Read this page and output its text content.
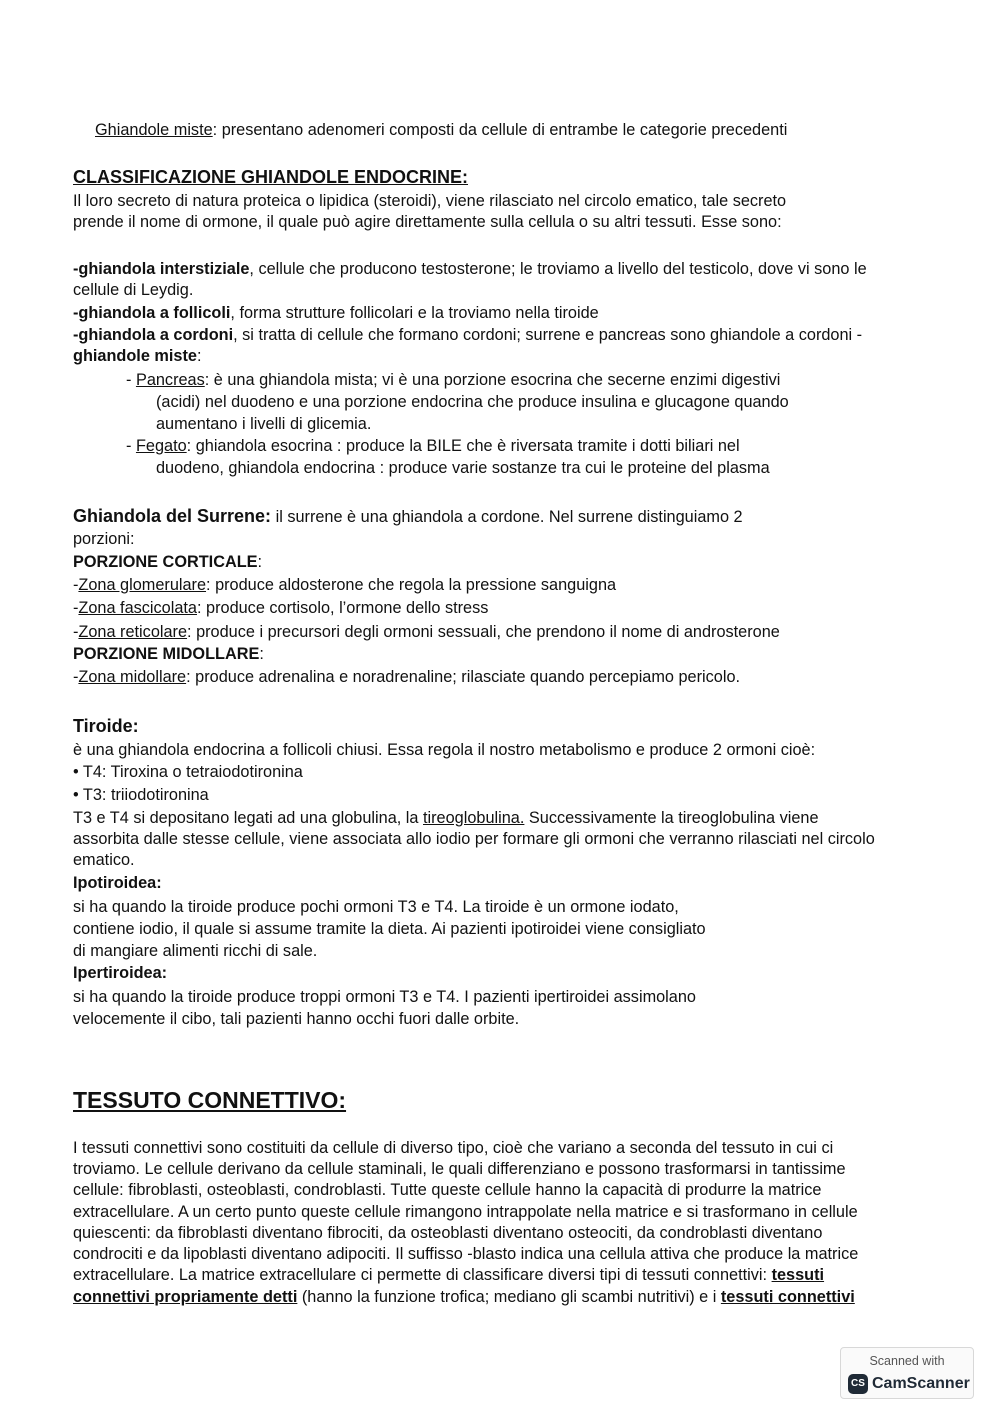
Ghiandole miste: presentano adenomeri composti da cellule di entrambe le categorie precedenti
CLASSIFICAZIONE GHIANDOLE ENDOCRINE:
Il loro secreto di natura proteica o lipidica (steroidi), viene rilasciato nel circolo ematico, tale secreto
prende il nome di ormone, il quale può agire direttamente sulla cellula o su altri tessuti. Esse sono:
-ghiandola interstiziale, cellule che producono testosterone; le troviamo a livello del testicolo, dove vi sono le
cellule di Leydig.
-ghiandola a follicoli, forma strutture follicolari e la troviamo nella tiroide
-ghiandola a cordoni, si tratta di cellule che formano cordoni; surrene e pancreas sono ghiandole a cordoni -
ghiandole miste:
- Pancreas: è una ghiandola mista; vi è una porzione esocrina che secerne enzimi digestivi
(acidi) nel duodeno e una porzione endocrina che produce insulina e glucagone quando
aumentano i livelli di glicemia.
- Fegato: ghiandola esocrina : produce la BILE che è riversata tramite i dotti biliari nel
duodeno, ghiandola endocrina : produce varie sostanze tra cui le proteine del plasma
Ghiandola del Surrene: il surrene è una ghiandola a cordone. Nel surrene distinguiamo 2
porzioni:
PORZIONE CORTICALE:
-Zona glomerulare: produce aldosterone che regola la pressione sanguigna
-Zona fascicolata: produce cortisolo, l’ormone dello stress
-Zona reticolare: produce i precursori degli ormoni sessuali, che prendono il nome di androsterone
PORZIONE MIDOLLARE:
-Zona midollare: produce adrenalina e noradrenaline; rilasciate quando percepiamo pericolo.
Tiroide:
è una ghiandola endocrina a follicoli chiusi. Essa regola il nostro metabolismo e produce 2 ormoni cioè:
• T4: Tiroxina o tetraiodotironina
• T3: triiodotironina
T3 e T4 si depositano legati ad una globulina, la tireoglobulina. Successivamente la tireoglobulina viene
assorbita dalle stesse cellule, viene associata allo iodio per formare gli ormoni che verranno rilasciati nel circolo
ematico.
Ipotiroidea:
si ha quando la tiroide produce pochi ormoni T3 e T4. La tiroide è un ormone iodato,
contiene iodio, il quale si assume tramite la dieta. Ai pazienti ipotiroidei viene consigliato
di mangiare alimenti ricchi di sale.
Ipertiroidea:
si ha quando la tiroide produce troppi ormoni T3 e T4. I pazienti ipertiroidei assimolano
velocemente il cibo, tali pazienti hanno occhi fuori dalle orbite.
TESSUTO CONNETTIVO:
I tessuti connettivi sono costituiti da cellule di diverso tipo, cioè che variano a seconda del tessuto in cui ci
troviamo. Le cellule derivano da cellule staminali, le quali differenziano e possono trasformarsi in tantissime
cellule: fibroblasti, osteoblasti, condroblasti. Tutte queste cellule hanno la capacità di produrre la matrice
extracellulare. A un certo punto queste cellule rimangono intrappolate nella matrice e si trasformano in cellule
quiescenti: da fibroblasti diventano fibrociti, da osteoblasti diventano osteociti, da condroblasti diventano
condrociti e da lipoblasti diventano adipociti. Il suffisso -blasto indica una cellula attiva che produce la matrice
extracellulare. La matrice extracellulare ci permette di classificare diversi tipi di tessuti connettivi: tessuti
connettivi propriamente detti (hanno la funzione trofica; mediano gli scambi nutritivi) e i tessuti connettivi
Scanned with
CS CamScanner
